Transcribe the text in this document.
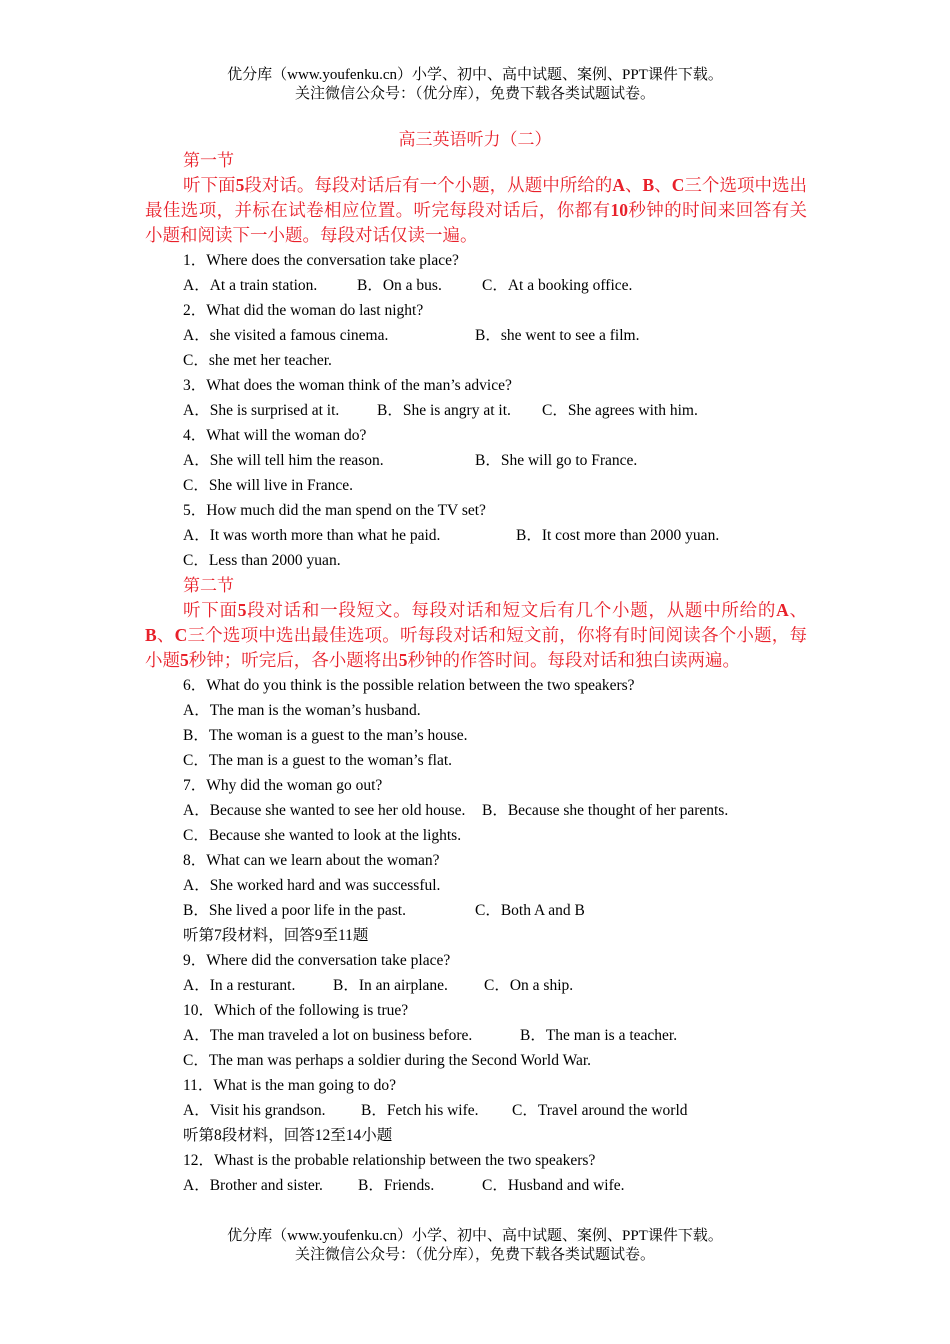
优分库（www.youfenku.cn）小学、初中、高中试题、案例、PPT课件下载。
关注微信公众号：（优分库），免费下载各类试题试卷。
高三英语听力（二）
第一节
听下面5段对话。每段对话后有一个小题，从题中所给的A、B、C三个选项中选出最佳选项，并标在试卷相应位置。听完每段对话后，你都有10秒钟的时间来回答有关小题和阅读下一小题。每段对话仅读一遍。
1．Where does the conversation take place?
A．At a train station.	B．On a bus.	C．At a booking office.
2．What did the woman do last night?
A．she visited a famous cinema.	B．she went to see a film.
C．she met her teacher.
3．What does the woman think of the man’s advice?
A．She is surprised at it. B．She is angry at it. C．She agrees with him.
4．What will the woman do?
A．She will tell him the reason.	B．She will go to France.
C．She will live in France.
5．How much did the man spend on the TV set?
A．It was worth more than what he paid.	B．It cost more than 2000 yuan.
C．Less than 2000 yuan.
第二节
听下面5段对话和一段短文。每段对话和短文后有几个小题，从题中所给的A、B、C三个选项中选出最佳选项。听每段对话和短文前，你将有时间阅读各个小题，每小题5秒钟；听完后，各小题将出5秒钟的作答时间。每段对话和独白读两遍。
6．What do you think is the possible relation between the two speakers?
A．The man is the woman’s husband.
B．The woman is a guest to the man’s house.
C．The man is a guest to the woman’s flat.
7．Why did the woman go out?
A．Because she wanted to see her old house. B．Because she thought of her parents.
C．Because she wanted to look at the lights.
8．What can we learn about the woman?
A．She worked hard and was successful.
B．She lived a poor life in the past.	C．Both A and B
听第7段材料，回答9至11题
9．Where did the conversation take place?
A．In a resturant. B．In an airplane. C．On a ship.
10．Which of the following is true?
A．The man traveled a lot on business before.	B．The man is a teacher.
C．The man was perhaps a soldier during the Second World War.
11．What is the man going to do?
A．Visit his grandson. B．Fetch his wife. C．Travel around the world
听第8段材料，回答12至14小题
12．Whast is the probable relationship between the two speakers?
A．Brother and sister. B．Friends.	C．Husband and wife.
优分库（www.youfenku.cn）小学、初中、高中试题、案例、PPT课件下载。
关注微信公众号：（优分库），免费下载各类试题试卷。
